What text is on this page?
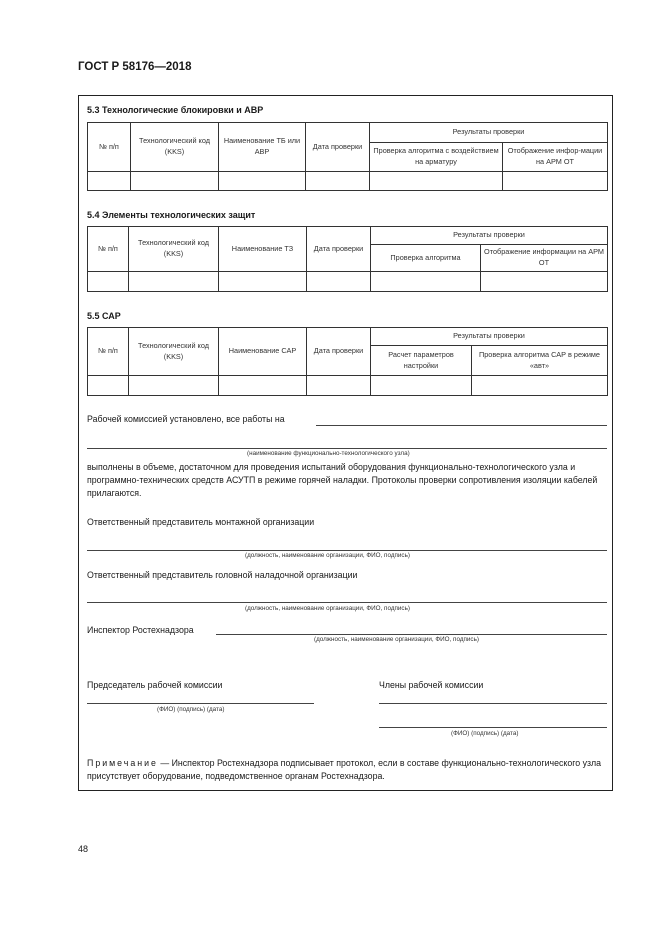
ГОСТ Р 58176—2018
5.3 Технологические блокировки и АВР
№ п/п	Технологический код (KKS)	Наименование ТБ или АВР	Дата проверки	Результаты проверки	
				Проверка алгоритма с воздействием на арматуру	Отображение инфор-мации на АРМ ОТ

5.4 Элементы технологических защит
№ п/п	Технологический код (KKS)	Наименование ТЗ	Дата проверки	Результаты проверки	
				Проверка алгоритма	Отображение информации на АРМ ОТ

5.5 САР
№ п/п	Технологический код (KKS)	Наименование САР	Дата проверки	Результаты проверки	
				Расчет параметров настройки	Проверка алгоритма САР в режиме «авт»

Рабочей комиссией установлено, все работы на
(наименование функционально-технологического узла)
выполнены в объеме, достаточном для проведения испытаний оборудования функционально-технологического узла и программно-технических средств АСУТП в режиме горячей наладки. Протоколы проверки сопротивления изоляции кабелей прилагаются.
Ответственный представитель монтажной организации
(должность, наименование организации, ФИО, подпись)
Ответственный представитель головной наладочной организации
(должность, наименование организации, ФИО, подпись)
Инспектор Ростехнадзора
(должность, наименование организации, ФИО, подпись)
Председатель рабочей комиссии
(ФИО) (подпись) (дата)
Члены рабочей комиссии
(ФИО) (подпись) (дата)
Примечание — Инспектор Ростехнадзора подписывает протокол, если в составе функционально-технологического узла присутствует оборудование, подведомственное органам Ростехнадзора.
48
